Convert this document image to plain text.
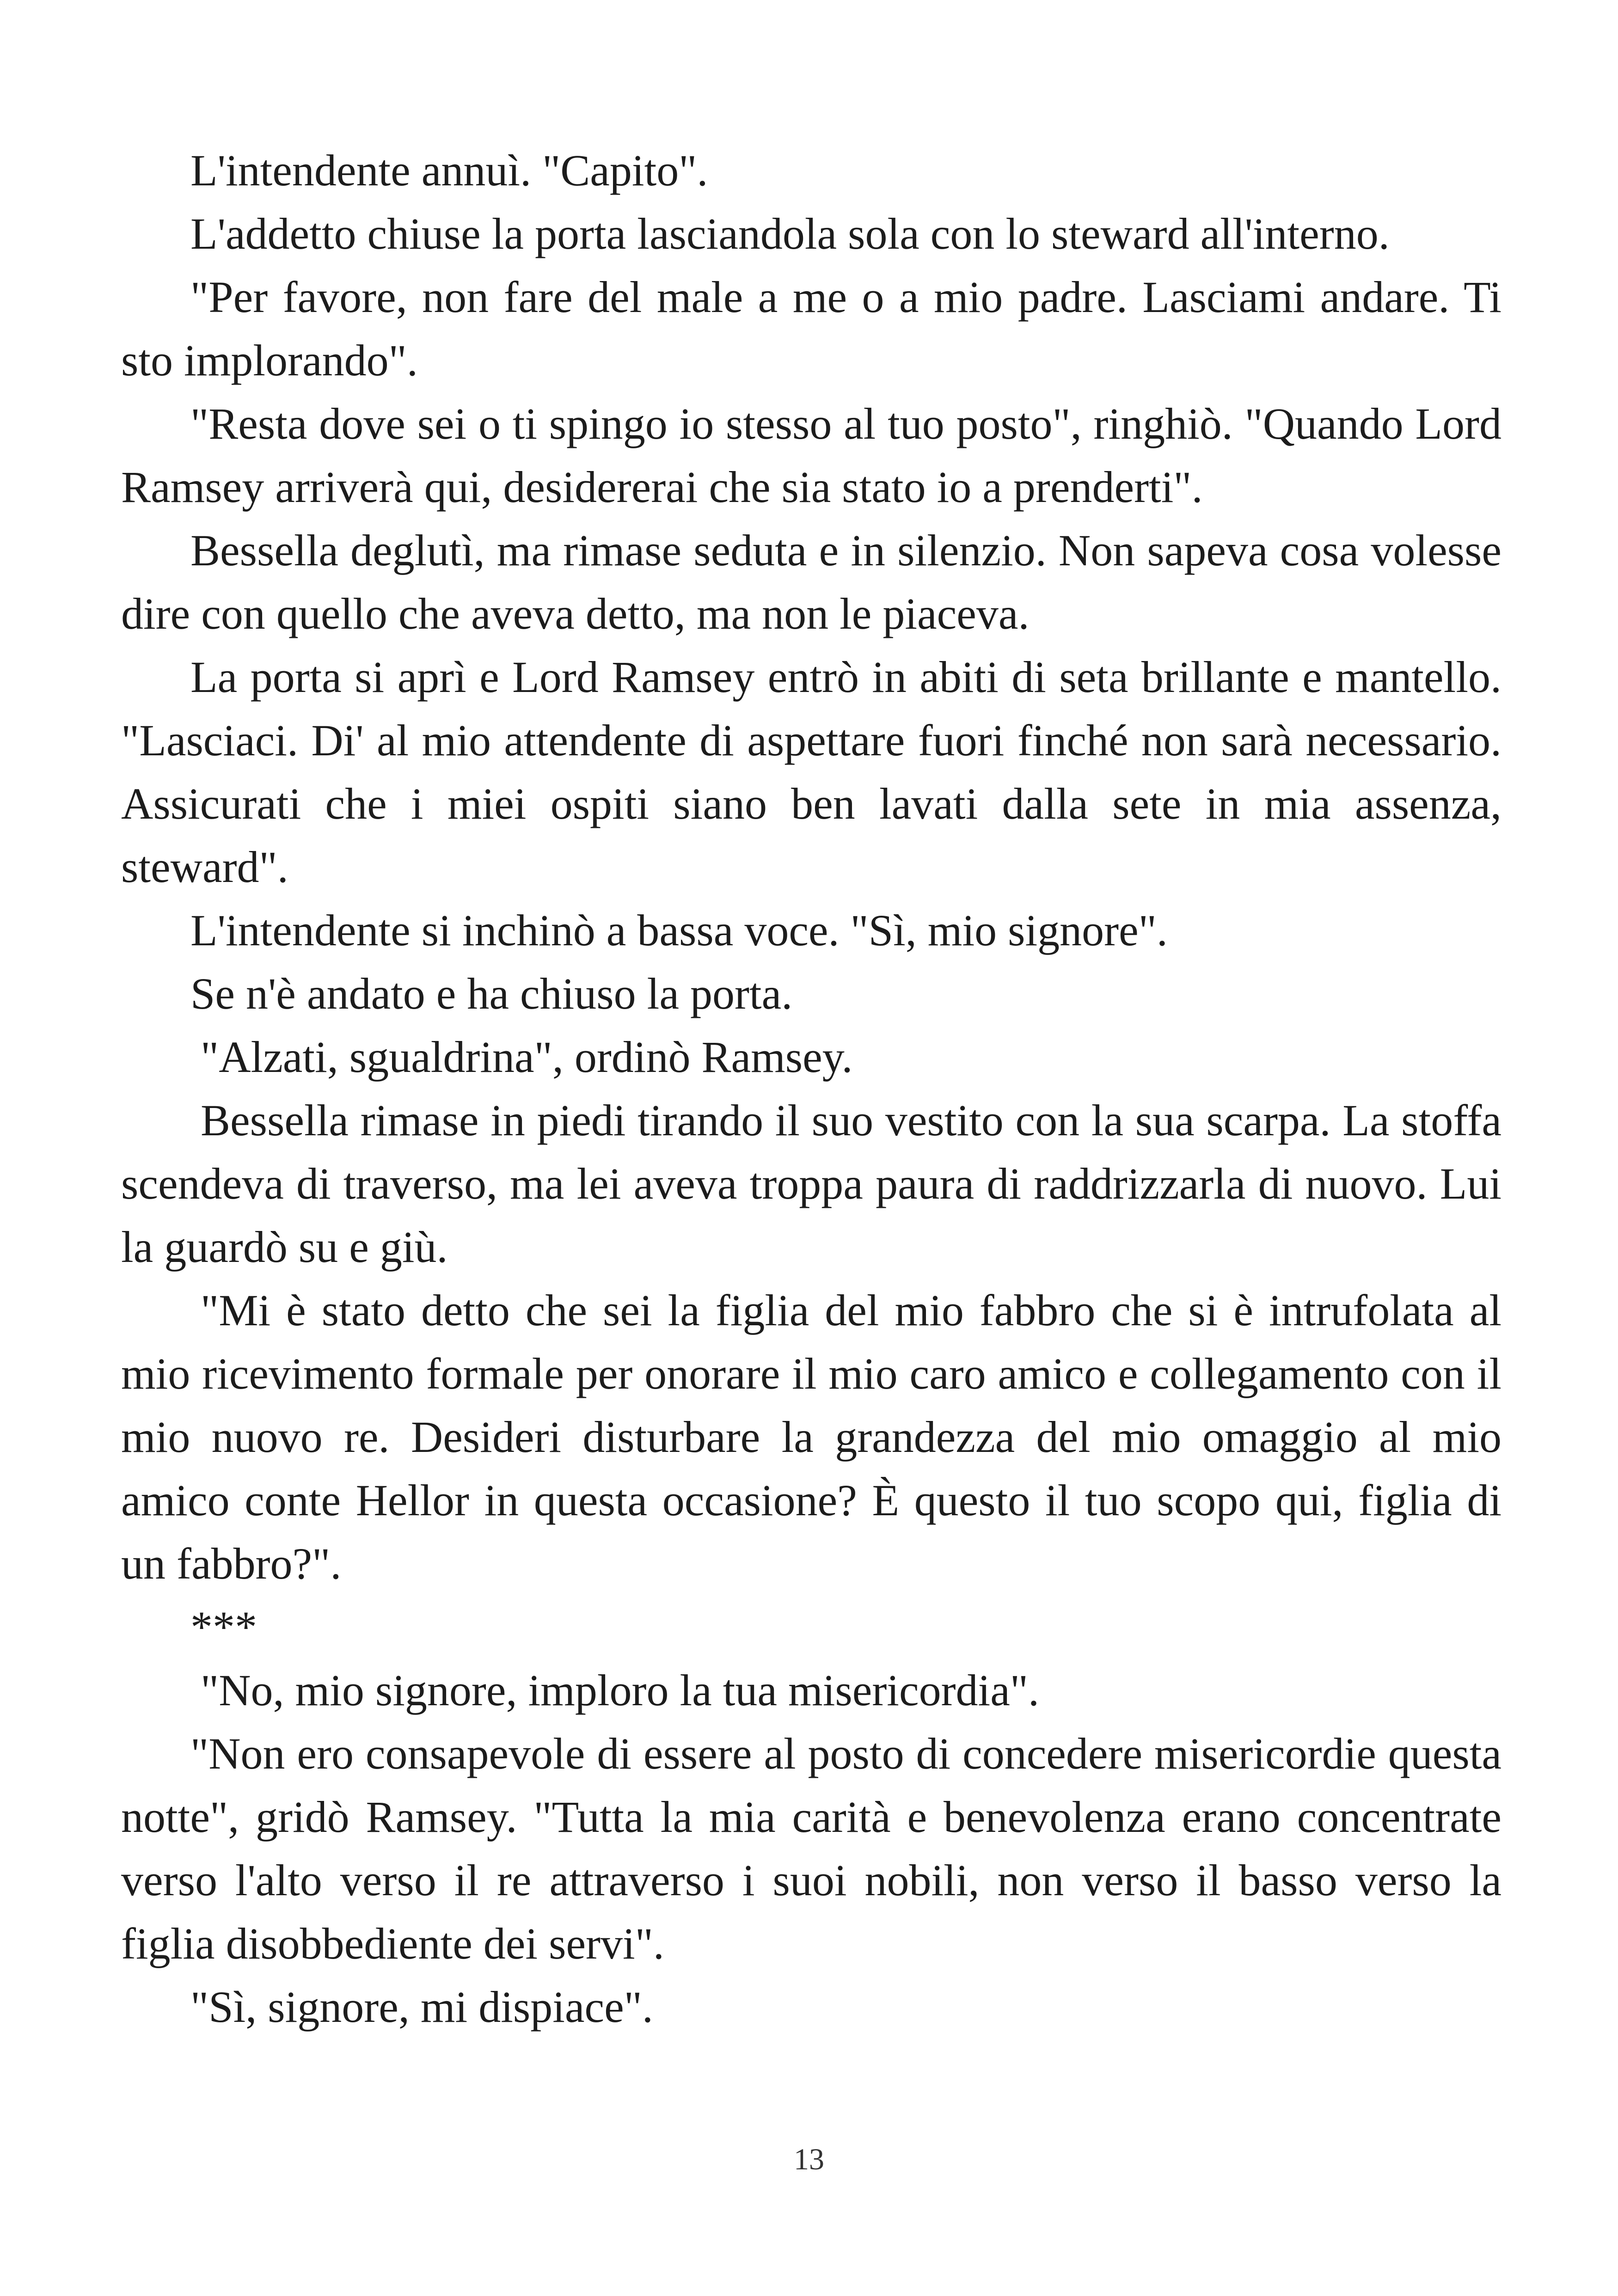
L'intendente annuì. "Capito".

L'addetto chiuse la porta lasciandola sola con lo steward all'interno.

"Per favore, non fare del male a me o a mio padre. Lasciami andare. Ti sto implorando".

"Resta dove sei o ti spingo io stesso al tuo posto", ringhiò. "Quando Lord Ramsey arriverà qui, desidererai che sia stato io a prenderti".

Bessella deglutì, ma rimase seduta e in silenzio. Non sapeva cosa volesse dire con quello che aveva detto, ma non le piaceva.

La porta si aprì e Lord Ramsey entrò in abiti di seta brillante e mantello. "Lasciaci. Di' al mio attendente di aspettare fuori finché non sarà necessario. Assicurati che i miei ospiti siano ben lavati dalla sete in mia assenza, steward".

L'intendente si inchinò a bassa voce. "Sì, mio signore".

Se n'è andato e ha chiuso la porta.

"Alzati, sgualdrina", ordinò Ramsey.

Bessella rimase in piedi tirando il suo vestito con la sua scarpa. La stoffa scendeva di traverso, ma lei aveva troppa paura di raddrizzarla di nuovo. Lui la guardò su e giù.

"Mi è stato detto che sei la figlia del mio fabbro che si è intrufolata al mio ricevimento formale per onorare il mio caro amico e collegamento con il mio nuovo re. Desideri disturbare la grandezza del mio omaggio al mio amico conte Hellor in questa occasione? È questo il tuo scopo qui, figlia di un fabbro?".

***

"No, mio signore, imploro la tua misericordia".

"Non ero consapevole di essere al posto di concedere misericordie questa notte", gridò Ramsey. "Tutta la mia carità e benevolenza erano concentrate verso l'alto verso il re attraverso i suoi nobili, non verso il basso verso la figlia disobbediente dei servi".

"Sì, signore, mi dispiace".

13
